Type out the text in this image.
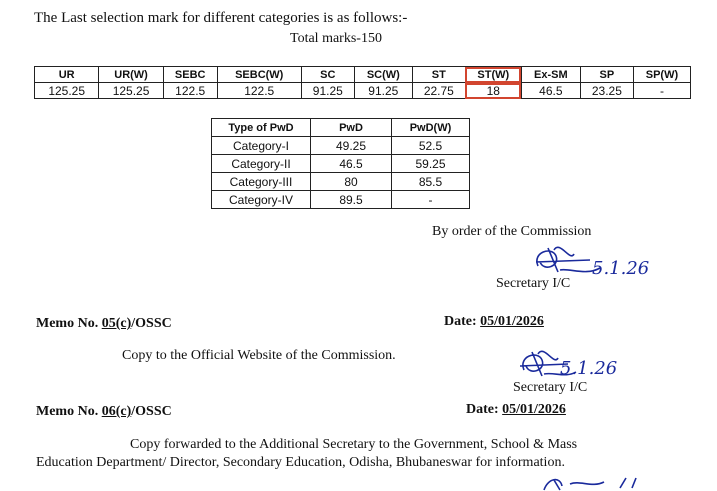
The Last selection mark for different categories is as follows:-
Total marks-150
UR	UR(W)	SEBC	SEBC(W)	SC	SC(W)	ST	ST(W)	Ex-SM	SP	SP(W)
125.25	125.25	122.5	122.5	91.25	91.25	22.75	18	46.5	23.25	-
Type of PwD	PwD	PwD(W)
Category-I	49.25	52.5
Category-II	46.5	59.25
Category-III	80	85.5
Category-IV	89.5	-
By order of the Commission
5.1.26
Secretary I/C
Memo No. 05(c)/OSSC	Date: 05/01/2026
Copy to the Official Website of the Commission.
5.1.26
Secretary I/C
Memo No. 06(c)/OSSC	Date: 05/01/2026
Copy forwarded to the Additional Secretary to the Government, School & Mass
Education Department/ Director, Secondary Education, Odisha, Bhubaneswar for information.
